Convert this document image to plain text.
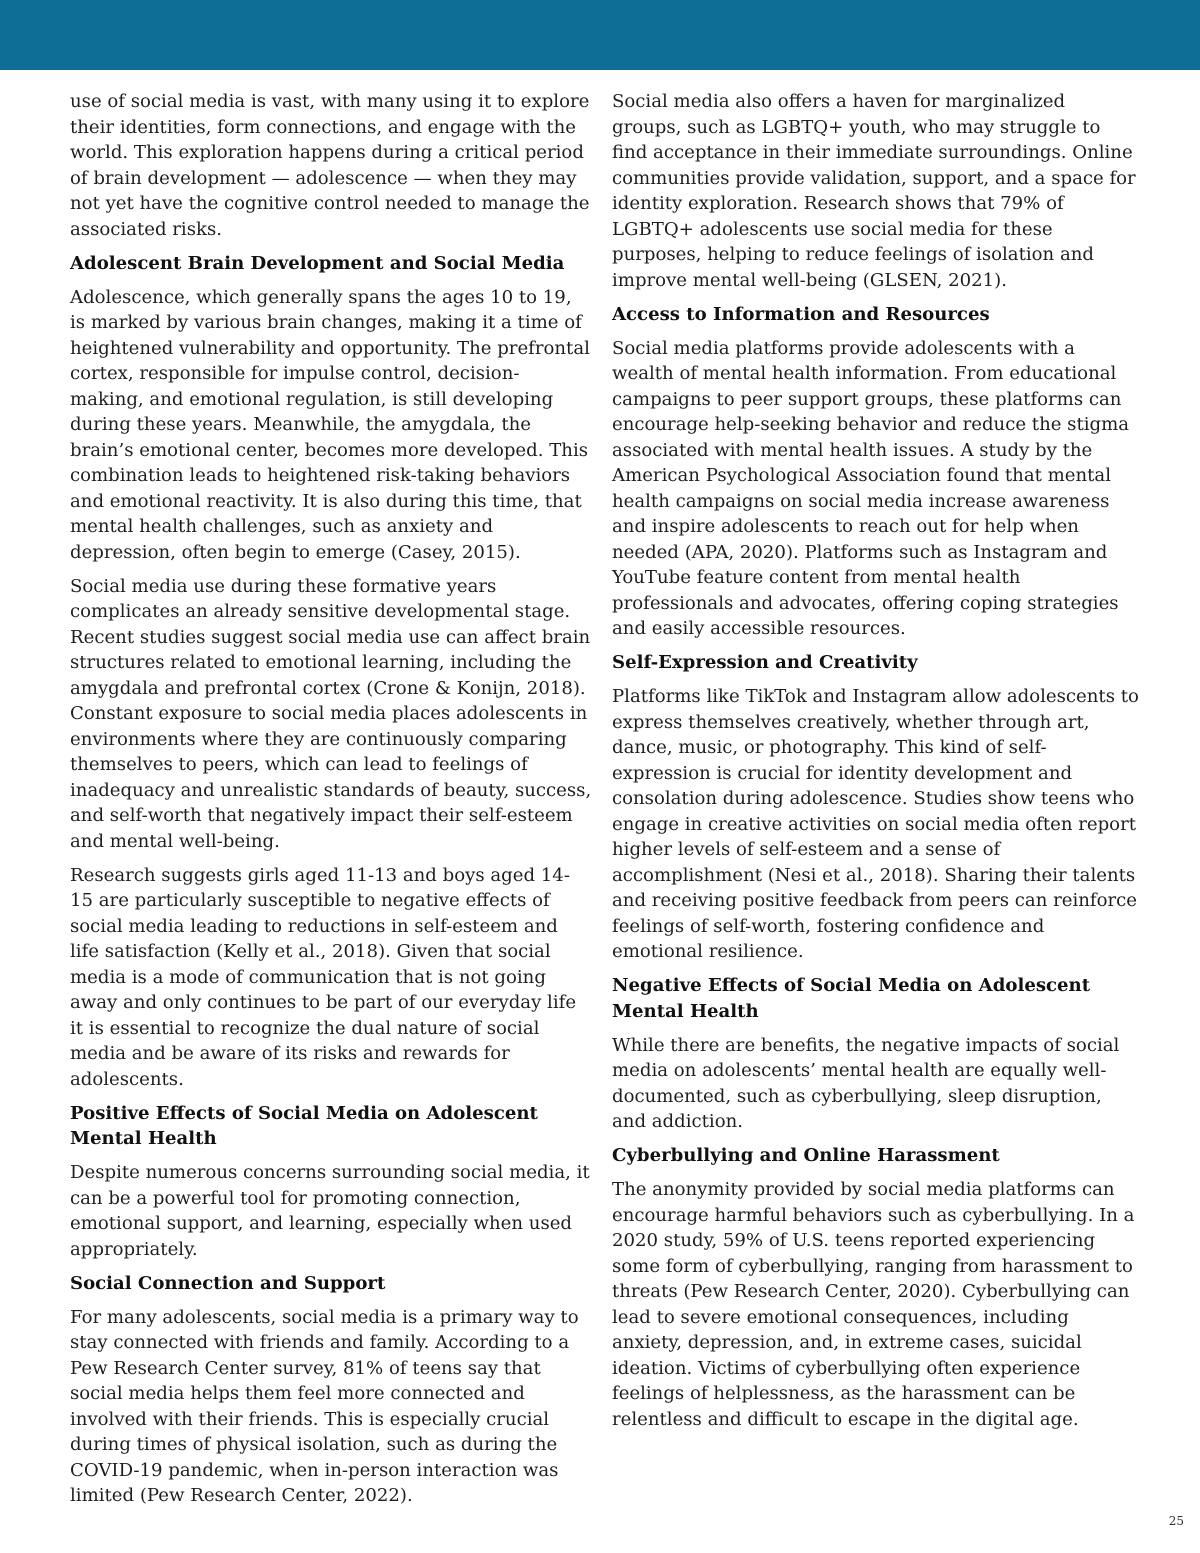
use of social media is vast, with many using it to explore their identities, form connections, and engage with the world. This exploration happens during a critical period of brain development — adolescence — when they may not yet have the cognitive control needed to manage the associated risks.

Adolescent Brain Development and Social Media

Adolescence, which generally spans the ages 10 to 19, is marked by various brain changes, making it a time of heightened vulnerability and opportunity. The prefrontal cortex, responsible for impulse control, decision-making, and emotional regulation, is still developing during these years. Meanwhile, the amygdala, the brain’s emotional center, becomes more developed. This combination leads to heightened risk-taking behaviors and emotional reactivity. It is also during this time, that mental health challenges, such as anxiety and depression, often begin to emerge (Casey, 2015).

Social media use during these formative years complicates an already sensitive developmental stage. Recent studies suggest social media use can affect brain structures related to emotional learning, including the amygdala and prefrontal cortex (Crone & Konijn, 2018). Constant exposure to social media places adolescents in environments where they are continuously comparing themselves to peers, which can lead to feelings of inadequacy and unrealistic standards of beauty, success, and self-worth that negatively impact their self-esteem and mental well-being.

Research suggests girls aged 11-13 and boys aged 14-15 are particularly susceptible to negative effects of social media leading to reductions in self-esteem and life satisfaction (Kelly et al., 2018). Given that social media is a mode of communication that is not going away and only continues to be part of our everyday life it is essential to recognize the dual nature of social media and be aware of its risks and rewards for adolescents.

Positive Effects of Social Media on Adolescent Mental Health

Despite numerous concerns surrounding social media, it can be a powerful tool for promoting connection, emotional support, and learning, especially when used appropriately.

Social Connection and Support

For many adolescents, social media is a primary way to stay connected with friends and family. According to a Pew Research Center survey, 81% of teens say that social media helps them feel more connected and involved with their friends. This is especially crucial during times of physical isolation, such as during the COVID-19 pandemic, when in-person interaction was limited (Pew Research Center, 2022).

Social media also offers a haven for marginalized groups, such as LGBTQ+ youth, who may struggle to find acceptance in their immediate surroundings. Online communities provide validation, support, and a space for identity exploration. Research shows that 79% of LGBTQ+ adolescents use social media for these purposes, helping to reduce feelings of isolation and improve mental well-being (GLSEN, 2021).

Access to Information and Resources

Social media platforms provide adolescents with a wealth of mental health information. From educational campaigns to peer support groups, these platforms can encourage help-seeking behavior and reduce the stigma associated with mental health issues. A study by the American Psychological Association found that mental health campaigns on social media increase awareness and inspire adolescents to reach out for help when needed (APA, 2020). Platforms such as Instagram and YouTube feature content from mental health professionals and advocates, offering coping strategies and easily accessible resources.

Self-Expression and Creativity

Platforms like TikTok and Instagram allow adolescents to express themselves creatively, whether through art, dance, music, or photography. This kind of self-expression is crucial for identity development and consolation during adolescence. Studies show teens who engage in creative activities on social media often report higher levels of self-esteem and a sense of accomplishment (Nesi et al., 2018). Sharing their talents and receiving positive feedback from peers can reinforce feelings of self-worth, fostering confidence and emotional resilience.

Negative Effects of Social Media on Adolescent Mental Health

While there are benefits, the negative impacts of social media on adolescents’ mental health are equally well-documented, such as cyberbullying, sleep disruption, and addiction.

Cyberbullying and Online Harassment

The anonymity provided by social media platforms can encourage harmful behaviors such as cyberbullying. In a 2020 study, 59% of U.S. teens reported experiencing some form of cyberbullying, ranging from harassment to threats (Pew Research Center, 2020). Cyberbullying can lead to severe emotional consequences, including anxiety, depression, and, in extreme cases, suicidal ideation. Victims of cyberbullying often experience feelings of helplessness, as the harassment can be relentless and difficult to escape in the digital age.

25
